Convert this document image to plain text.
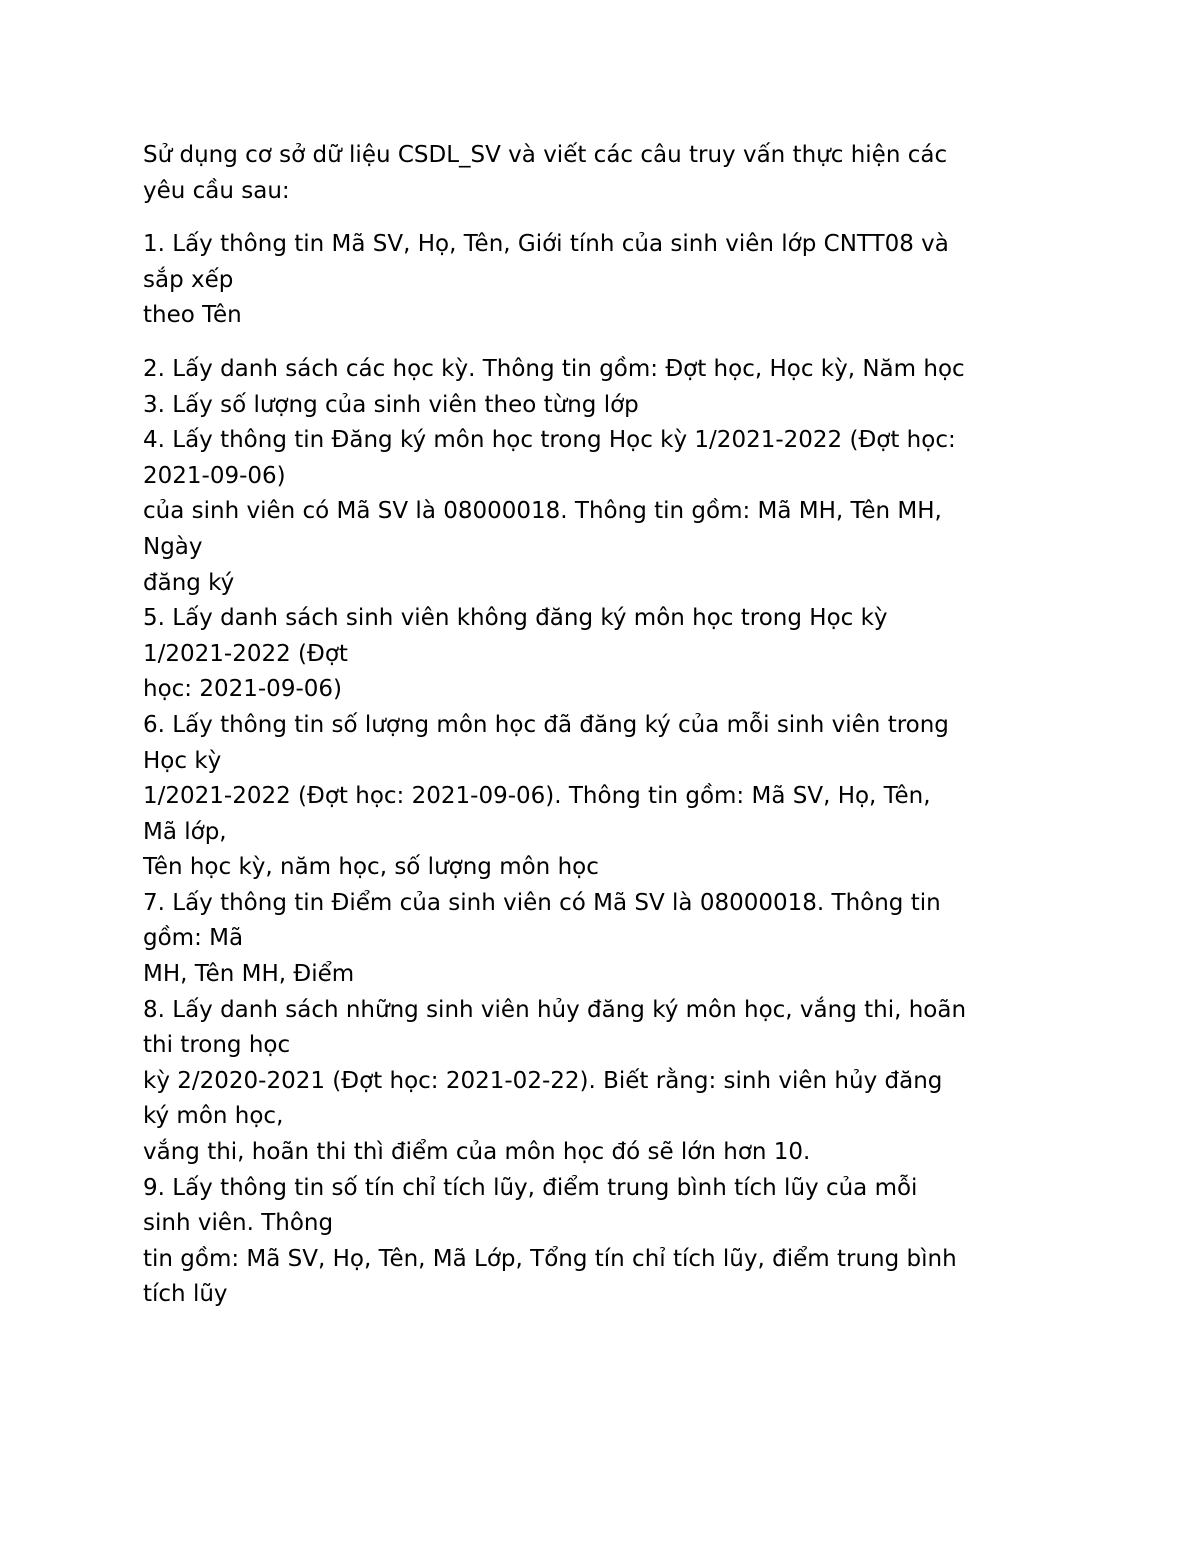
Sử dụng cơ sở dữ liệu CSDL_SV và viết các câu truy vấn thực hiện các
yêu cầu sau:
1. Lấy thông tin Mã SV, Họ, Tên, Giới tính của sinh viên lớp CNTT08 và
sắp xếp
theo Tên
2. Lấy danh sách các học kỳ. Thông tin gồm: Đợt học, Học kỳ, Năm học
3. Lấy số lượng của sinh viên theo từng lớp
4. Lấy thông tin Đăng ký môn học trong Học kỳ 1/2021-2022 (Đợt học:
2021-09-06)
của sinh viên có Mã SV là 08000018. Thông tin gồm: Mã MH, Tên MH,
Ngày
đăng ký
5. Lấy danh sách sinh viên không đăng ký môn học trong Học kỳ
1/2021-2022 (Đợt
học: 2021-09-06)
6. Lấy thông tin số lượng môn học đã đăng ký của mỗi sinh viên trong
Học kỳ
1/2021-2022 (Đợt học: 2021-09-06). Thông tin gồm: Mã SV, Họ, Tên,
Mã lớp,
Tên học kỳ, năm học, số lượng môn học
7. Lấy thông tin Điểm của sinh viên có Mã SV là 08000018. Thông tin
gồm: Mã
MH, Tên MH, Điểm
8. Lấy danh sách những sinh viên hủy đăng ký môn học, vắng thi, hoãn
thi trong học
kỳ 2/2020-2021 (Đợt học: 2021-02-22). Biết rằng: sinh viên hủy đăng
ký môn học,
vắng thi, hoãn thi thì điểm của môn học đó sẽ lớn hơn 10.
9. Lấy thông tin số tín chỉ tích lũy, điểm trung bình tích lũy của mỗi
sinh viên. Thông
tin gồm: Mã SV, Họ, Tên, Mã Lớp, Tổng tín chỉ tích lũy, điểm trung bình
tích lũy
